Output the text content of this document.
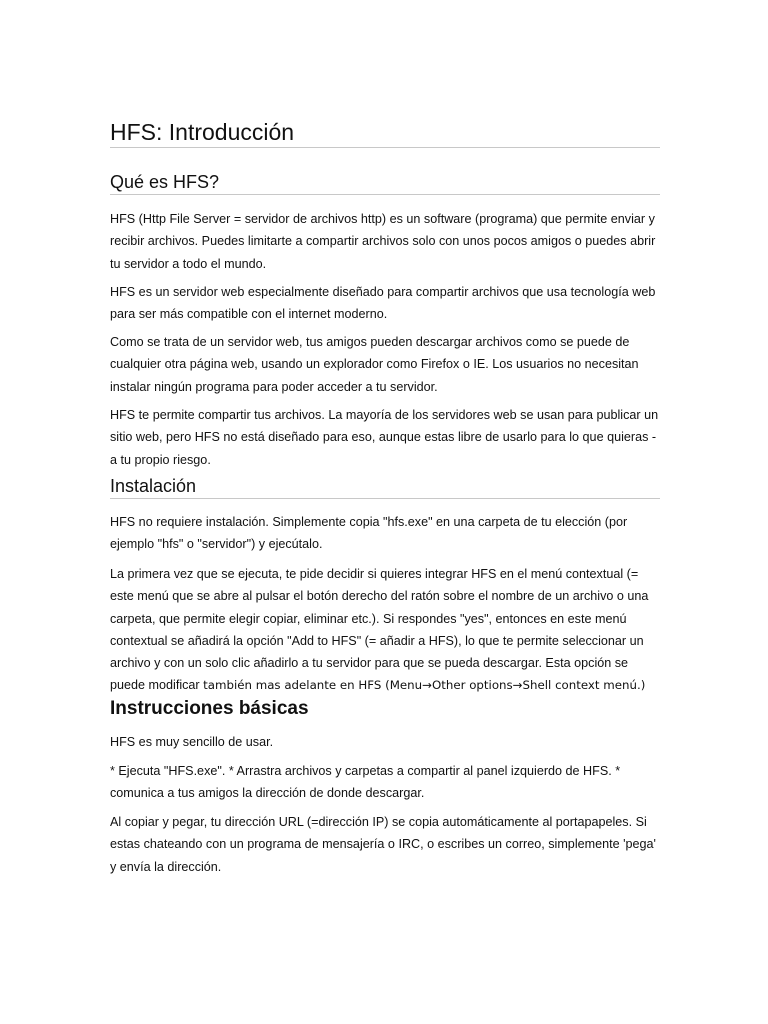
HFS: Introducción
Qué es HFS?

HFS (Http File Server = servidor de archivos http) es un software (programa) que permite enviar y recibir archivos. Puedes limitarte a compartir archivos solo con unos pocos amigos o puedes abrir tu servidor a todo el mundo.

HFS es un servidor web especialmente diseñado para compartir archivos que usa tecnología web para ser más compatible con el internet moderno.

Como se trata de un servidor web, tus amigos pueden descargar archivos como se puede de cualquier otra página web, usando un explorador como Firefox o IE. Los usuarios no necesitan instalar ningún programa para poder acceder a tu servidor.

HFS te permite compartir tus archivos. La mayoría de los servidores web se usan para publicar un sitio web, pero HFS no está diseñado para eso, aunque estas libre de usarlo para lo que quieras - a tu propio riesgo.

Instalación

HFS no requiere instalación. Simplemente copia "hfs.exe" en una carpeta de tu elección (por ejemplo "hfs" o "servidor") y ejecútalo.

La primera vez que se ejecuta, te pide decidir si quieres integrar HFS en el menú contextual (= este menú que se abre al pulsar el botón derecho del ratón sobre el nombre de un archivo o una carpeta, que permite elegir copiar, eliminar etc.). Si respondes "yes", entonces en este menú contextual se añadirá la opción "Add to HFS" (= añadir a HFS), lo que te permite seleccionar un archivo y con un solo clic añadirlo a tu servidor para que se pueda descargar. Esta opción se puede modificar también mas adelante en HFS (Menu→Other options→Shell context menú.)

Instrucciones básicas

HFS es muy sencillo de usar.

* Ejecuta "HFS.exe". * Arrastra archivos y carpetas a compartir al panel izquierdo de HFS. * comunica a tus amigos la dirección de donde descargar.

Al copiar y pegar, tu dirección URL (=dirección IP) se copia automáticamente al portapapeles. Si estas chateando con un programa de mensajería o IRC, o escribes un correo, simplemente 'pega' y envía la dirección.
